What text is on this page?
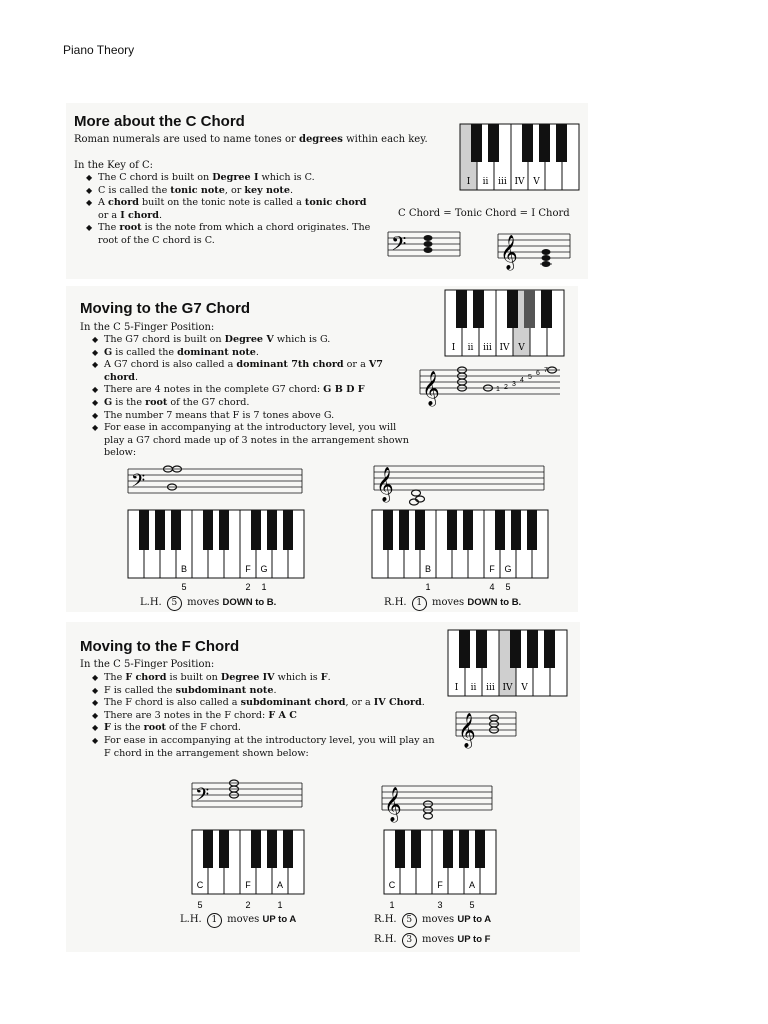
Piano Theory
More about the C Chord
Roman numerals are used to name tones or degrees within each key.
In the Key of C:
◆ The C chord is built on Degree I which is C.
◆ C is called the tonic note, or key note.
◆ A chord built on the tonic note is called a tonic chord or a I chord.
◆ The root is the note from which a chord originates. The root of the C chord is C.
C Chord = Tonic Chord = I Chord
I ii iii IV V
𝄢	𝄞
Moving to the G7 Chord
In the C 5-Finger Position:
◆ The G7 chord is built on Degree V which is G.
◆ G is called the dominant note.
◆ A G7 chord is also called a dominant 7th chord or a V7 chord.
◆ There are 4 notes in the complete G7 chord: G B D F
◆ G is the root of the G7 chord.
◆ The number 7 means that F is 7 tones above G.
◆ For ease in accompanying at the introductory level, you will play a G7 chord made up of 3 notes in the arrangement shown below:
I ii iii IV V
𝄞	1 2 3
4 5
6 7
𝄢	𝄞
B	F G
5	2 1
B	F G
1	4 5
L.H. 5 moves DOWN to B.	R.H. 1 moves DOWN to B.
Moving to the F Chord
In the C 5-Finger Position:
◆ The F chord is built on Degree IV which is F.
◆ F is called the subdominant note.
◆ The F chord is also called a subdominant chord, or a IV Chord.
◆ There are 3 notes in the F chord: F A C
◆ F is the root of the F chord.
◆ For ease in accompanying at the introductory level, you will play an F chord in the arrangement shown below:
I ii iii IV V
𝄞
𝄢	𝄞
C	F	A
5	2	1
C	F	A
1	3	5
L.H. 1 moves UP to A	R.H. 5 moves UP to A
R.H. 3 moves UP to F
